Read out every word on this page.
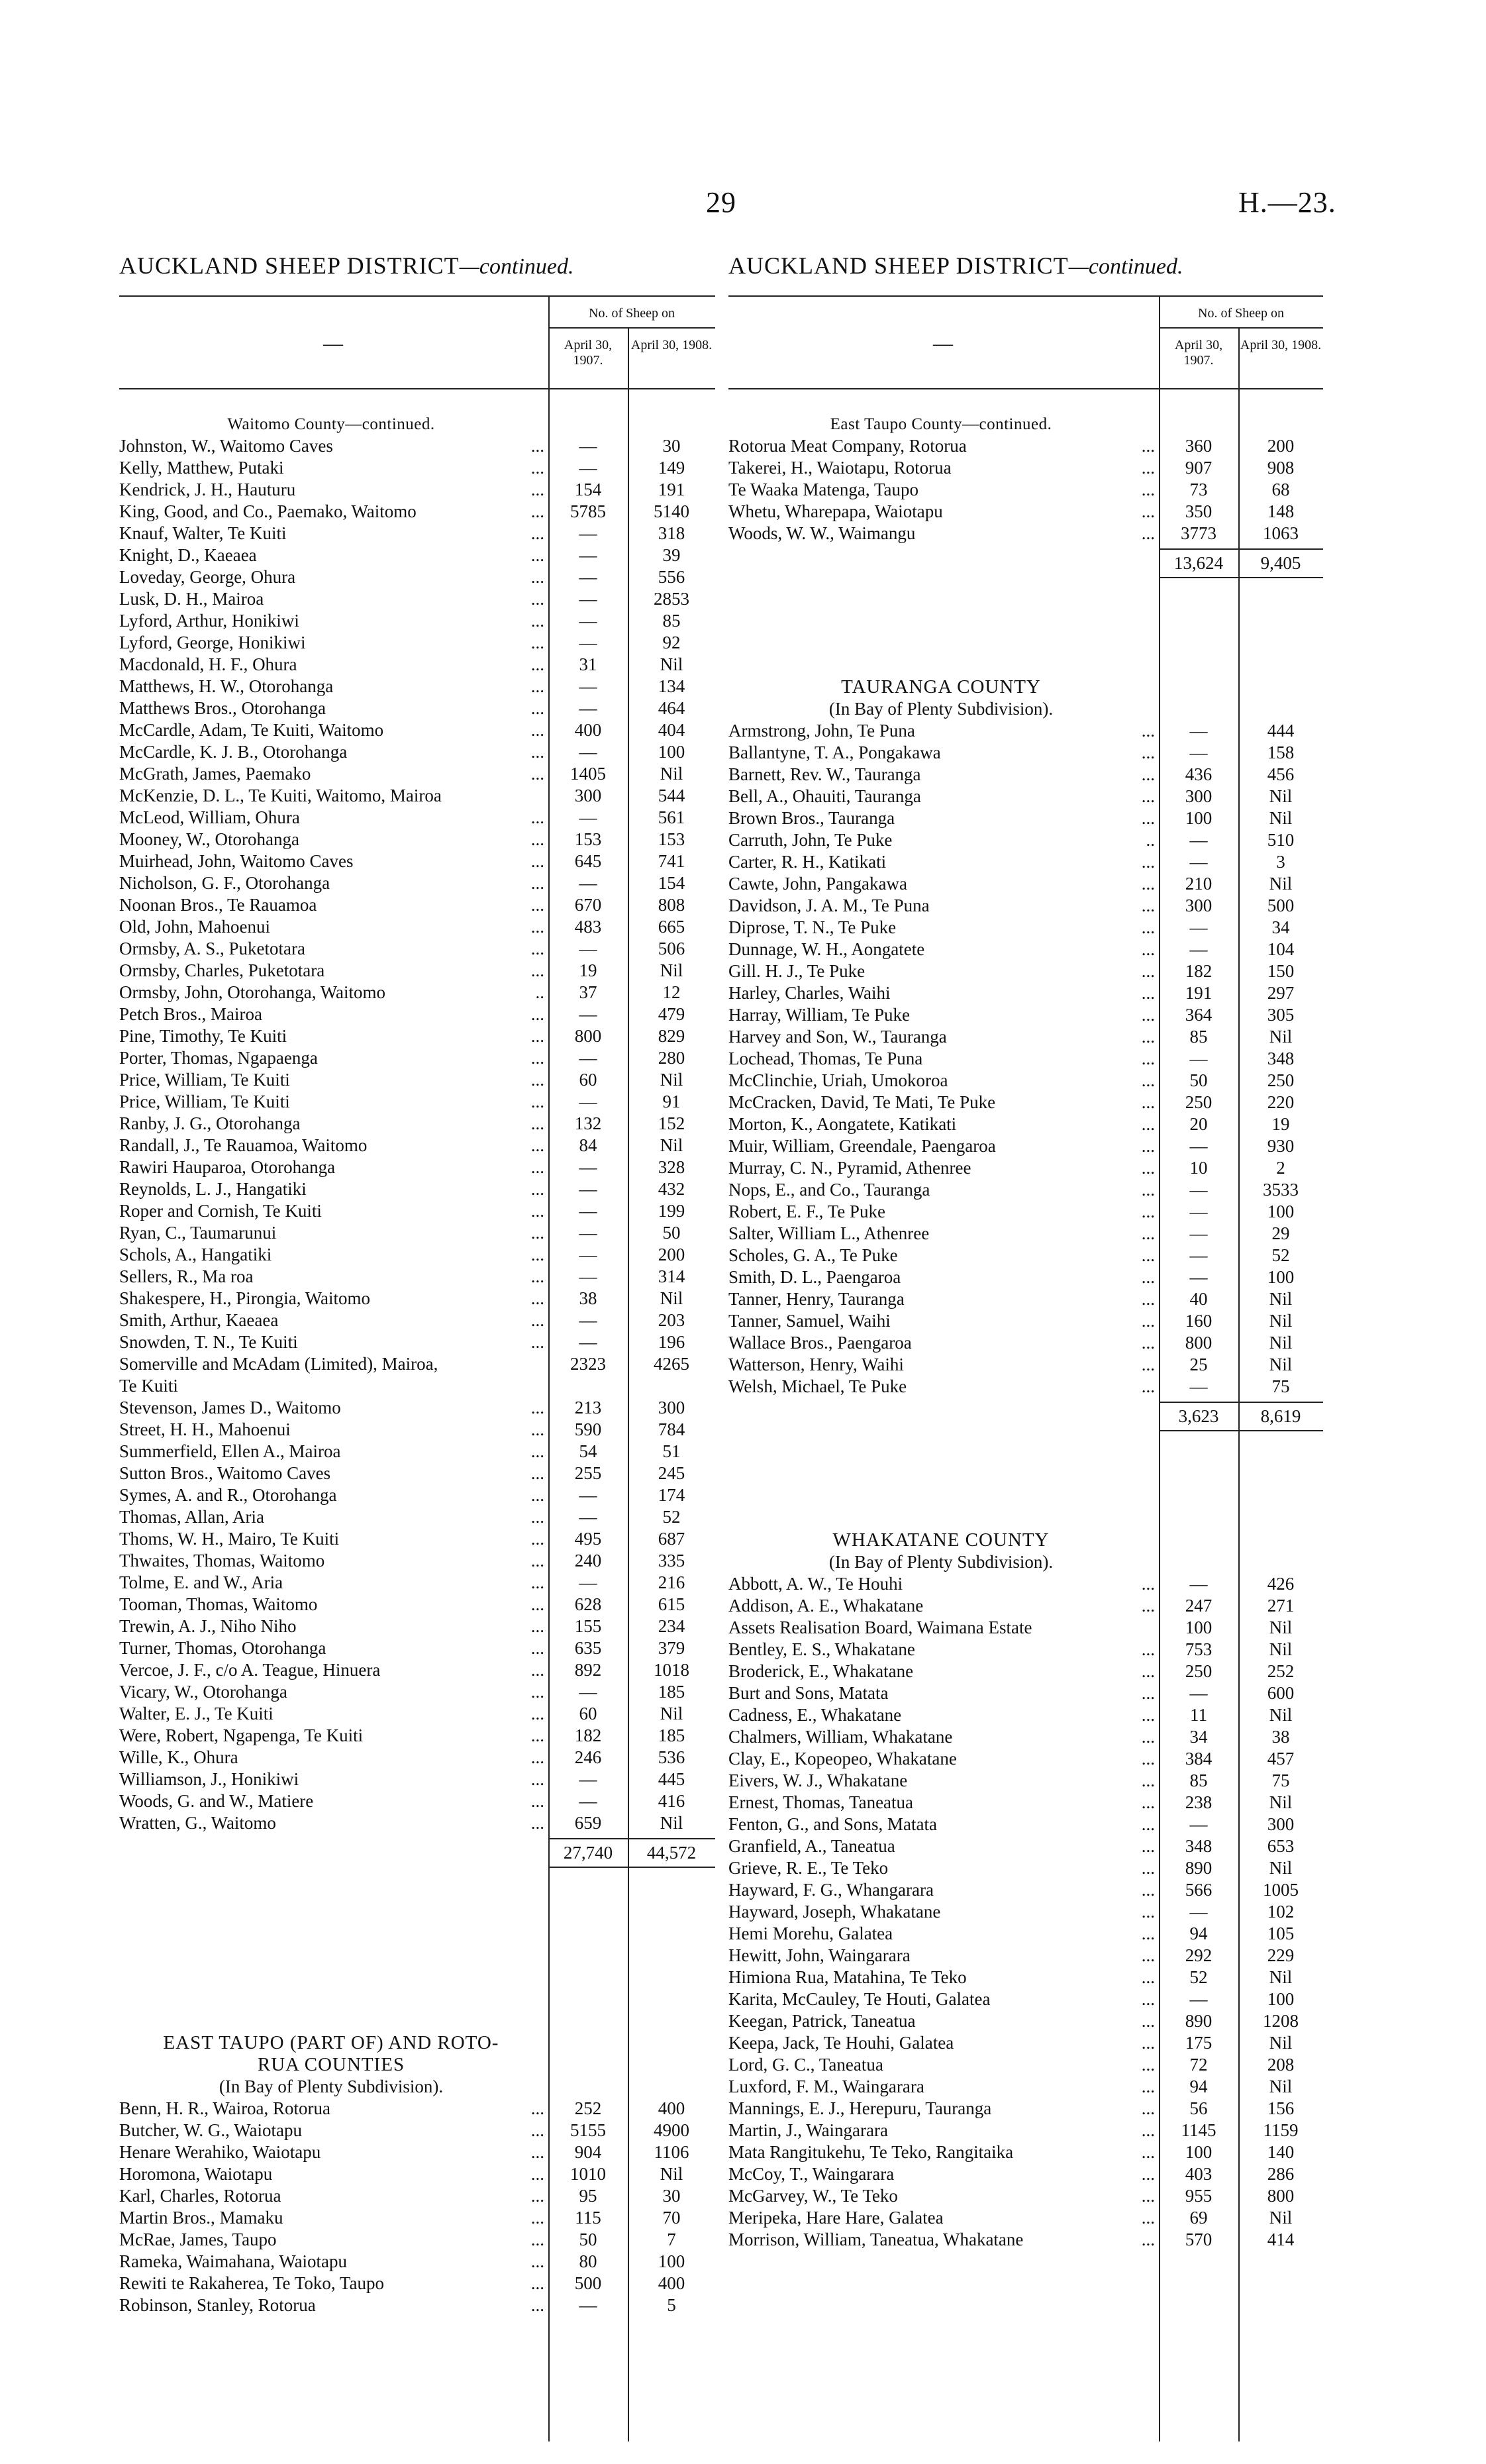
29	H.—23.
AUCKLAND SHEEP DISTRICT—continued.	AUCKLAND SHEEP DISTRICT—continued.
—
No. of Sheep on
April 30, 1907.
April 30, 1908.
Waitomo County—continued.
Johnston, W., Waitomo Caves	...	—	30
Kelly, Matthew, Putaki	...	—	149
Kendrick, J. H., Hauturu	...	154	191
King, Good, and Co., Paemako, Waitomo	...	5785	5140
Knauf, Walter, Te Kuiti	...	—	318
Knight, D., Kaeaea	...	—	39
Loveday, George, Ohura	...	—	556
Lusk, D. H., Mairoa	...	—	2853
Lyford, Arthur, Honikiwi	...	—	85
Lyford, George, Honikiwi	...	—	92
Macdonald, H. F., Ohura	...	31	Nil
Matthews, H. W., Otorohanga	...	—	134
Matthews Bros., Otorohanga	...	—	464
McCardle, Adam, Te Kuiti, Waitomo	...	400	404
McCardle, K. J. B., Otorohanga	...	—	100
McGrath, James, Paemako	...	1405	Nil
McKenzie, D. L., Te Kuiti, Waitomo, Mairoa	300	544
McLeod, William, Ohura	...	—	561
Mooney, W., Otorohanga	...	153	153
Muirhead, John, Waitomo Caves	...	645	741
Nicholson, G. F., Otorohanga	...	—	154
Noonan Bros., Te Rauamoa	...	670	808
Old, John, Mahoenui	...	483	665
Ormsby, A. S., Puketotara	...	—	506
Ormsby, Charles, Puketotara	...	19	Nil
Ormsby, John, Otorohanga, Waitomo	..	37	12
Petch Bros., Mairoa	...	—	479
Pine, Timothy, Te Kuiti	...	800	829
Porter, Thomas, Ngapaenga	...	—	280
Price, William, Te Kuiti	...	60	Nil
Price, William, Te Kuiti	...	—	91
Ranby, J. G., Otorohanga	...	132	152
Randall, J., Te Rauamoa, Waitomo	...	84	Nil
Rawiri Hauparoa, Otorohanga	...	—	328
Reynolds, L. J., Hangatiki	...	—	432
Roper and Cornish, Te Kuiti	...	—	199
Ryan, C., Taumarunui	...	—	50
Schols, A., Hangatiki	...	—	200
Sellers, R., Ma roa	...	—	314
Shakespere, H., Pirongia, Waitomo	...	38	Nil
Smith, Arthur, Kaeaea	...	—	203
Snowden, T. N., Te Kuiti	...	—	196
Somerville and McAdam (Limited), Mairoa,	2323	4265
Te Kuiti
Stevenson, James D., Waitomo	...	213	300
Street, H. H., Mahoenui	...	590	784
Summerfield, Ellen A., Mairoa	...	54	51
Sutton Bros., Waitomo Caves	...	255	245
Symes, A. and R., Otorohanga	...	—	174
Thomas, Allan, Aria	...	—	52
Thoms, W. H., Mairo, Te Kuiti	...	495	687
Thwaites, Thomas, Waitomo	...	240	335
Tolme, E. and W., Aria	...	—	216
Tooman, Thomas, Waitomo	...	628	615
Trewin, A. J., Niho Niho	...	155	234
Turner, Thomas, Otorohanga	...	635	379
Vercoe, J. F., c/o A. Teague, Hinuera	...	892	1018
Vicary, W., Otorohanga	...	—	185
Walter, E. J., Te Kuiti	...	60	Nil
Were, Robert, Ngapenga, Te Kuiti	...	182	185
Wille, K., Ohura	...	246	536
Williamson, J., Honikiwi	...	—	445
Woods, G. and W., Matiere	...	—	416
Wratten, G., Waitomo	...	659	Nil
27,740	44,572
EAST TAUPO (PART OF) AND ROTO-
RUA COUNTIES
(In Bay of Plenty Subdivision).
Benn, H. R., Wairoa, Rotorua	...	252	400
Butcher, W. G., Waiotapu	...	5155	4900
Henare Werahiko, Waiotapu	...	904	1106
Horomona, Waiotapu	...	1010	Nil
Karl, Charles, Rotorua	...	95	30
Martin Bros., Mamaku	...	115	70
McRae, James, Taupo	...	50	7
Rameka, Waimahana, Waiotapu	...	80	100
Rewiti te Rakaherea, Te Toko, Taupo	...	500	400
Robinson, Stanley, Rotorua	...	—	5
—
No. of Sheep on
April 30, 1907.
April 30, 1908.
East Taupo County—continued.
Rotorua Meat Company, Rotorua	...	360	200
Takerei, H., Waiotapu, Rotorua	...	907	908
Te Waaka Matenga, Taupo	...	73	68
Whetu, Wharepapa, Waiotapu	...	350	148
Woods, W. W., Waimangu	...	3773	1063
13,624	9,405
TAURANGA COUNTY
(In Bay of Plenty Subdivision).
Armstrong, John, Te Puna	...	—	444
Ballantyne, T. A., Pongakawa	...	—	158
Barnett, Rev. W., Tauranga	...	436	456
Bell, A., Ohauiti, Tauranga	...	300	Nil
Brown Bros., Tauranga	...	100	Nil
Carruth, John, Te Puke	..	—	510
Carter, R. H., Katikati	...	—	3
Cawte, John, Pangakawa	...	210	Nil
Davidson, J. A. M., Te Puna	...	300	500
Diprose, T. N., Te Puke	...	—	34
Dunnage, W. H., Aongatete	...	—	104
Gill. H. J., Te Puke	...	182	150
Harley, Charles, Waihi	...	191	297
Harray, William, Te Puke	...	364	305
Harvey and Son, W., Tauranga	...	85	Nil
Lochead, Thomas, Te Puna	...	—	348
McClinchie, Uriah, Umokoroa	...	50	250
McCracken, David, Te Mati, Te Puke	...	250	220
Morton, K., Aongatete, Katikati	...	20	19
Muir, William, Greendale, Paengaroa	...	—	930
Murray, C. N., Pyramid, Athenree	...	10	2
Nops, E., and Co., Tauranga	...	—	3533
Robert, E. F., Te Puke	...	—	100
Salter, William L., Athenree	...	—	29
Scholes, G. A., Te Puke	...	—	52
Smith, D. L., Paengaroa	...	—	100
Tanner, Henry, Tauranga	...	40	Nil
Tanner, Samuel, Waihi	...	160	Nil
Wallace Bros., Paengaroa	...	800	Nil
Watterson, Henry, Waihi	...	25	Nil
Welsh, Michael, Te Puke	...	—	75
3,623	8,619
WHAKATANE COUNTY
(In Bay of Plenty Subdivision).
Abbott, A. W., Te Houhi	...	—	426
Addison, A. E., Whakatane	...	247	271
Assets Realisation Board, Waimana Estate	100	Nil
Bentley, E. S., Whakatane	...	753	Nil
Broderick, E., Whakatane	...	250	252
Burt and Sons, Matata	...	—	600
Cadness, E., Whakatane	...	11	Nil
Chalmers, William, Whakatane	...	34	38
Clay, E., Kopeopeo, Whakatane	...	384	457
Eivers, W. J., Whakatane	...	85	75
Ernest, Thomas, Taneatua	...	238	Nil
Fenton, G., and Sons, Matata	...	—	300
Granfield, A., Taneatua	...	348	653
Grieve, R. E., Te Teko	...	890	Nil
Hayward, F. G., Whangarara	...	566	1005
Hayward, Joseph, Whakatane	...	—	102
Hemi Morehu, Galatea	...	94	105
Hewitt, John, Waingarara	...	292	229
Himiona Rua, Matahina, Te Teko	...	52	Nil
Karita, McCauley, Te Houti, Galatea	...	—	100
Keegan, Patrick, Taneatua	...	890	1208
Keepa, Jack, Te Houhi, Galatea	...	175	Nil
Lord, G. C., Taneatua	...	72	208
Luxford, F. M., Waingarara	...	94	Nil
Mannings, E. J., Herepuru, Tauranga	...	56	156
Martin, J., Waingarara	...	1145	1159
Mata Rangitukehu, Te Teko, Rangitaika	...	100	140
McCoy, T., Waingarara	...	403	286
McGarvey, W., Te Teko	...	955	800
Meripeka, Hare Hare, Galatea	...	69	Nil
Morrison, William, Taneatua, Whakatane	...	570	414
